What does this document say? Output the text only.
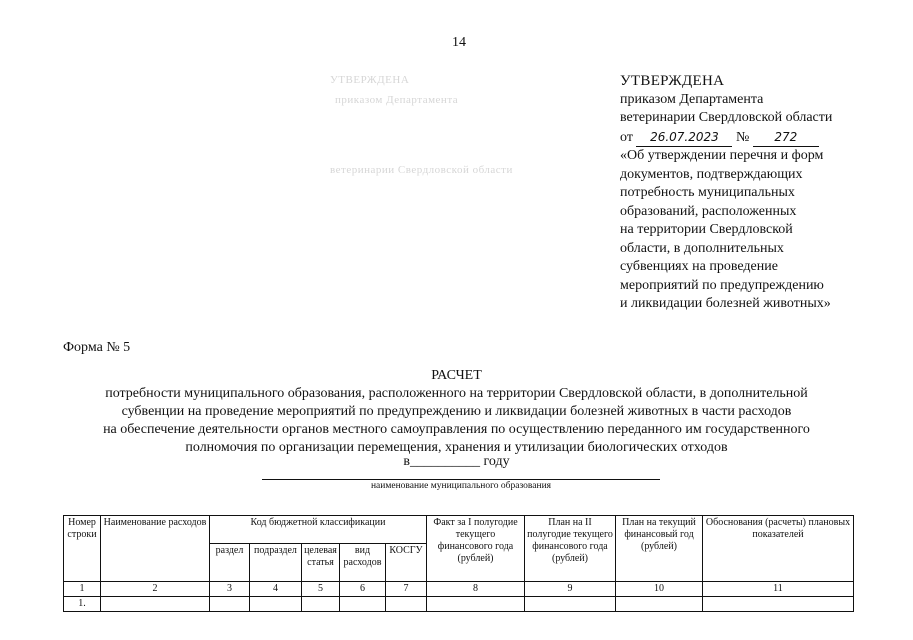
14
УТВЕРЖДЕНА
приказом Департамента
ветеринарии Свердловской области
УТВЕРЖДЕНА
приказом Департамента
ветеринарии Свердловской области
от 26.07.2023 № 272
«Об утверждении перечня и форм
документов, подтверждающих
потребность муниципальных
образований, расположенных
на территории Свердловской
области, в дополнительных
субвенциях на проведение
мероприятий по предупреждению
и ликвидации болезней животных»
Форма № 5
РАСЧЕТ
потребности муниципального образования, расположенного на территории Свердловской области, в дополнительной
субвенции на проведение мероприятий по предупреждению и ликвидации болезней животных в части расходов
на обеспечение деятельности органов местного самоуправления по осуществлению переданного им государственного
полномочия по организации перемещения, хранения и утилизации биологических отходов
в__________ году
наименование муниципального образования
Номер строки	Наименование расходов	Код бюджетной классификации					Факт за I полугодие текущего финансового года (рублей)	План на II полугодие текущего финансового года (рублей)	План на текущий финансовый год (рублей)	Обоснования (расчеты) плановых показателей
		раздел	подраздел	целевая статья	вид расходов	КОСГУ				
1	2	3	4	5	6	7	8	9	10	11
1.										
